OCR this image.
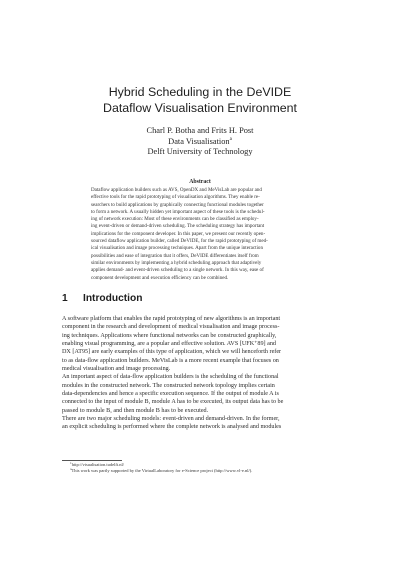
Hybrid Scheduling in the DeVIDE
Dataflow Visualisation Environment
Charl P. Botha and Frits H. Post
Data Visualisation$^a$
Delft University of Technology
Abstract
Dataflow application builders such as AVS, OpenDX and MeVisLab are popular and
effective tools for the rapid prototyping of visualisation algorithms. They enable re-
searchers to build applications by graphically connecting functional modules together
to form a network. A usually hidden yet important aspect of these tools is the schedul-
ing of network execution: Most of these environments can be classified as employ-
ing event-driven or demand-driven scheduling. The scheduling strategy has important
implications for the component developer. In this paper, we present our recently open-
sourced dataflow application builder, called DeVIDE, for the rapid prototyping of med-
ical visualisation and image processing techniques. Apart from the unique interaction
possibilities and ease of integration that it offers, DeVIDE differentiates itself from
similar environments by implementing a hybrid scheduling approach that adaptively
applies demand- and event-driven scheduling to a single network. In this way, ease of
component development and execution efficiency can be combined.
1 Introduction
A software platform that enables the rapid prototyping of new algorithms is an important
component in the research and development of medical visualisation and image process-
ing techniques. Applications where functional networks can be constructed graphically,
enabling visual programming, are a popular and effective solution. AVS [UFK⁺89] and
DX [AT95] are early examples of this type of application, which we will henceforth refer
to as data-flow application builders. MeVisLab is a more recent example that focuses on
medical visualisation and image processing.
An important aspect of data-flow application builders is the scheduling of the functional
modules in the constructed network. The constructed network topology implies certain
data-dependencies and hence a specific execution sequence. If the output of module A is
connected to the input of module B, module A has to be executed, its output data has to be
passed to module B, and then module B has to be executed.
There are two major scheduling models: event-driven and demand-driven. In the former,
an explicit scheduling is performed where the complete network is analysed and modules
$^1$http://visualisation.tudelft.nl/
$^a$This work was partly supported by the VirtualLaboratory for e-Science project (http://www.vl-e.nl/).
